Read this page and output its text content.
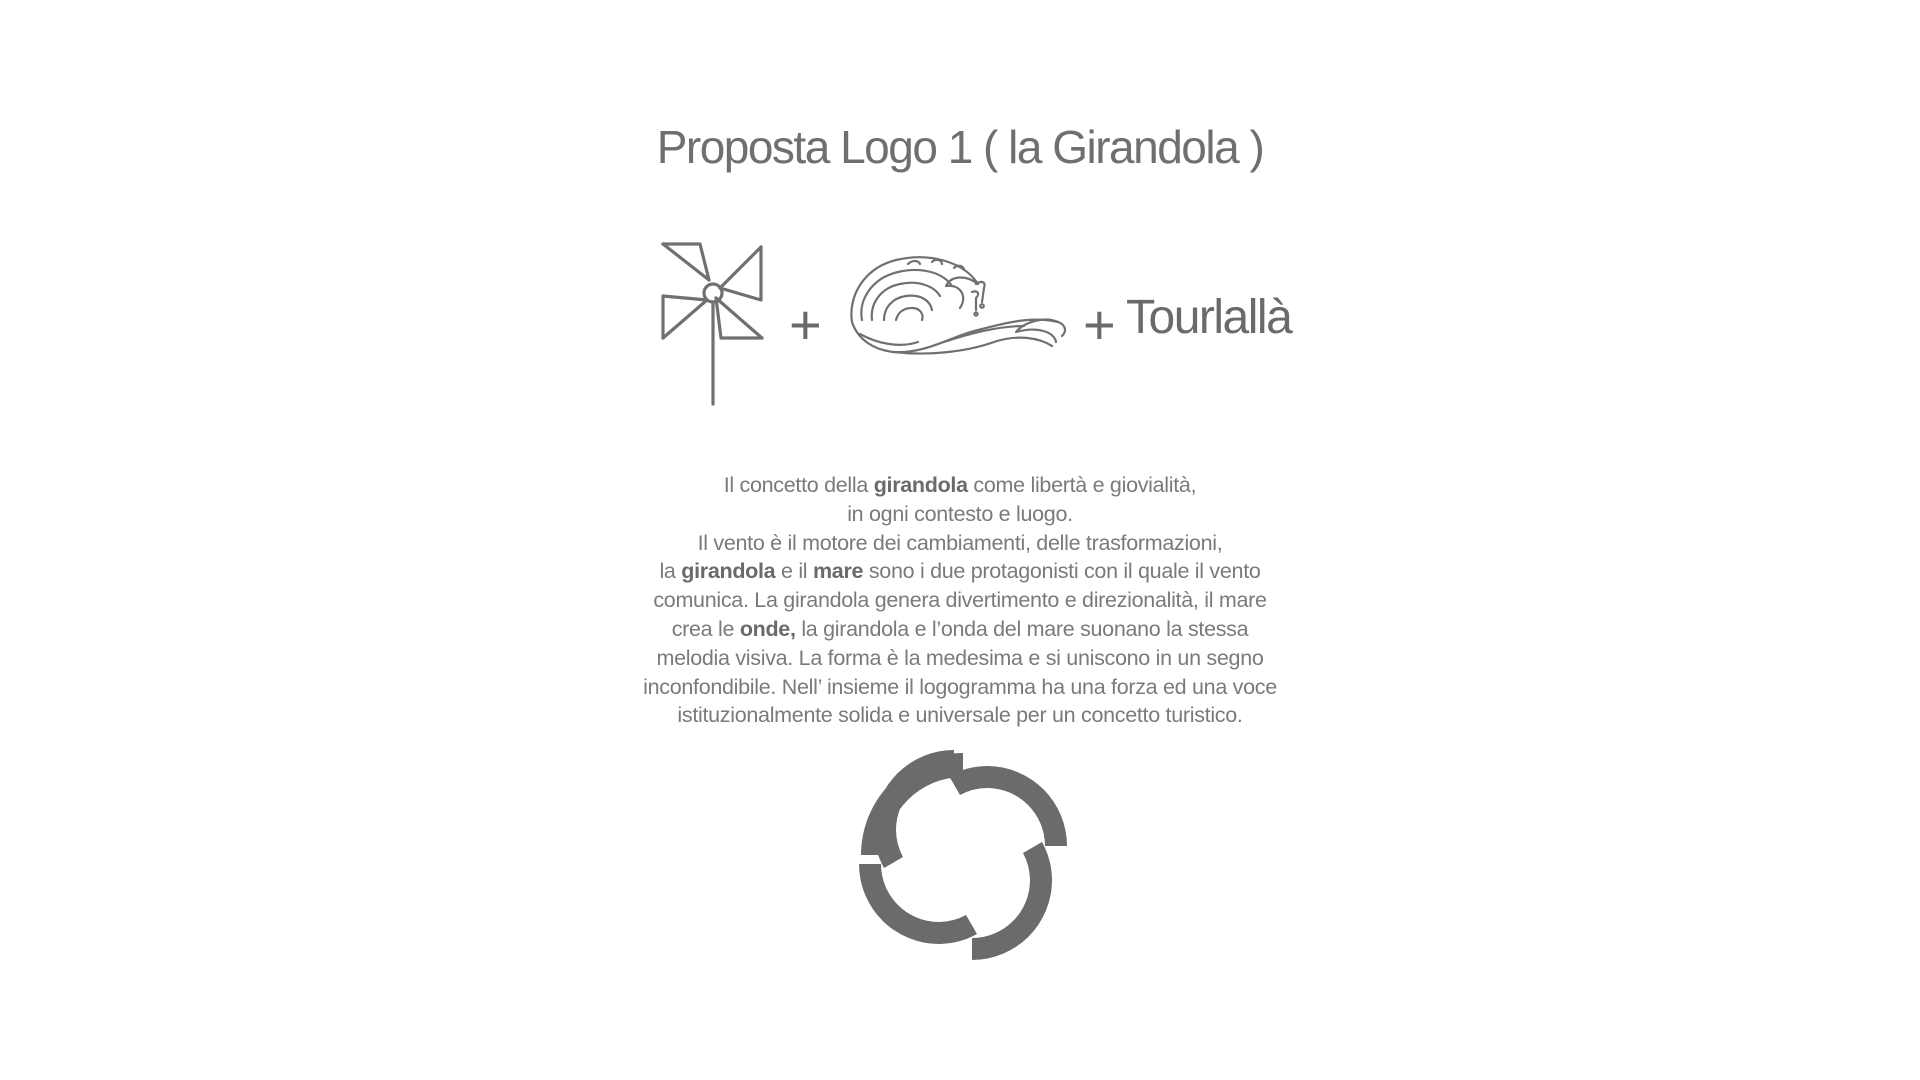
Proposta Logo 1 ( la Girandola )
+	+ Tourlallà

Il concetto della girandola come libertà e giovialità,
in ogni contesto e luogo.
Il vento è il motore dei cambiamenti, delle trasformazioni,
la girandola e il mare sono i due protagonisti con il quale il vento
comunica. La girandola genera divertimento e direzionalità, il mare
crea le onde, la girandola e l’onda del mare suonano la stessa
melodia visiva. La forma è la medesima e si uniscono in un segno
inconfondibile. Nell’ insieme il logogramma ha una forza ed una voce
istituzionalmente solida e universale per un concetto turistico.
